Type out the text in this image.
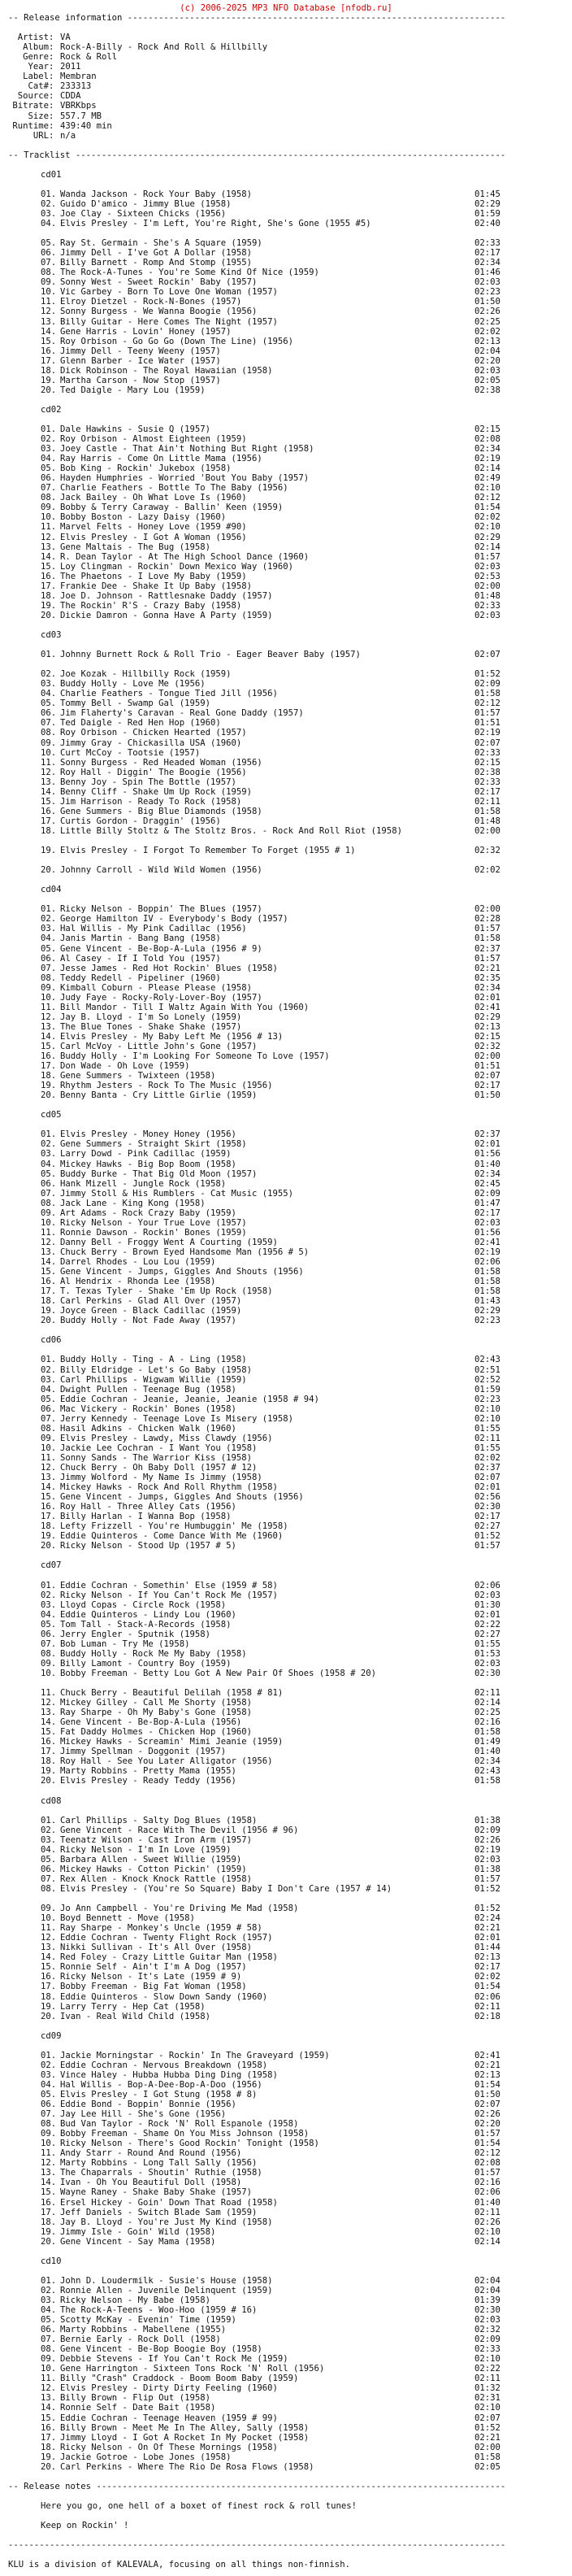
(c) 2006-2025 MP3 NFO Database [nfodb.ru]
-- Release information -------------------------------------------------------------------------
Artist : VA
Album : Rock-A-Billy - Rock And Roll & Hillbilly
Genre : Rock & Roll
Year : 2011
Label : Membran
Cat# : 233313
Source : CDDA
Bitrate : VBRKbps
Size : 557.7 MB
Runtime : 439:40 min
URL : n/a
-- Tracklist -----------------------------------------------------------------------------------
cd01
01. Wanda Jackson - Rock Your Baby (1958)	01:45
02. Guido D'amico - Jimmy Blue (1958)	02:29
03. Joe Clay - Sixteen Chicks (1956)	01:59
04. Elvis Presley - I'm Left, You're Right, She's Gone (1955 #5)	02:40
05. Ray St. Germain - She's A Square (1959)	02:33
06. Jimmy Dell - I've Got A Dollar (1958)	02:17
07. Billy Barnett - Romp And Stomp (1955)	02:34
08. The Rock-A-Tunes - You're Some Kind Of Nice (1959)	01:46
09. Sonny West - Sweet Rockin' Baby (1957)	02:03
10. Vic Garbey - Born To Love One Woman (1957)	02:23
11. Elroy Dietzel - Rock-N-Bones (1957)	01:50
12. Sonny Burgess - We Wanna Boogie (1956)	02:26
13. Billy Guitar - Here Comes The Night (1957)	02:25
14. Gene Harris - Lovin' Honey (1957)	02:02
15. Roy Orbison - Go Go Go (Down The Line) (1956)	02:13
16. Jimmy Dell - Teeny Weeny (1957)	02:04
17. Glenn Barber - Ice Water (1957)	02:20
18. Dick Robinson - The Royal Hawaiian (1958)	02:03
19. Martha Carson - Now Stop (1957)	02:05
20. Ted Daigle - Mary Lou (1959)	02:38
cd02
01. Dale Hawkins - Susie Q (1957)	02:15
02. Roy Orbison - Almost Eighteen (1959)	02:08
03. Joey Castle - That Ain't Nothing But Right (1958)	02:34
04. Ray Harris - Come On Little Mama (1956)	02:19
05. Bob King - Rockin' Jukebox (1958)	02:14
06. Hayden Humphries - Worried 'Bout You Baby (1957)	02:49
07. Charlie Feathers - Bottle To The Baby (1956)	02:10
08. Jack Bailey - Oh What Love Is (1960)	02:12
09. Bobby & Terry Caraway - Ballin' Keen (1959)	01:54
10. Bobby Boston - Lazy Daisy (1960)	02:02
11. Marvel Felts - Honey Love (1959 #90)	02:10
12. Elvis Presley - I Got A Woman (1956)	02:29
13. Gene Maltais - The Bug (1958)	02:14
14. R. Dean Taylor - At The High School Dance (1960)	01:57
15. Loy Clingman - Rockin' Down Mexico Way (1960)	02:03
16. The Phaetons - I Love My Baby (1959)	02:53
17. Frankie Dee - Shake It Up Baby (1958)	02:00
18. Joe D. Johnson - Rattlesnake Daddy (1957)	01:48
19. The Rockin' R'S - Crazy Baby (1958)	02:33
20. Dickie Damron - Gonna Have A Party (1959)	02:03
cd03
01. Johnny Burnett Rock & Roll Trio - Eager Beaver Baby (1957)	02:07
02. Joe Kozak - Hillbilly Rock (1959)	01:52
03. Buddy Holly - Love Me (1956)	02:09
04. Charlie Feathers - Tongue Tied Jill (1956)	01:58
05. Tommy Bell - Swamp Gal (1959)	02:12
06. Jim Flaherty's Caravan - Real Gone Daddy (1957)	01:57
07. Ted Daigle - Red Hen Hop (1960)	01:51
08. Roy Orbison - Chicken Hearted (1957)	02:19
09. Jimmy Gray - Chickasilla USA (1960)	02:07
10. Curt McCoy - Tootsie (1957)	02:33
11. Sonny Burgess - Red Headed Woman (1956)	02:15
12. Roy Hall - Diggin' The Boogie (1956)	02:38
13. Benny Joy - Spin The Bottle (1957)	02:33
14. Benny Cliff - Shake Um Up Rock (1959)	02:17
15. Jim Harrison - Ready To Rock (1958)	02:11
16. Gene Summers - Big Blue Diamonds (1958)	01:58
17. Curtis Gordon - Draggin' (1956)	01:48
18. Little Billy Stoltz & The Stoltz Bros. - Rock And Roll Riot (1958)	02:00
19. Elvis Presley - I Forgot To Remember To Forget (1955 # 1)	02:32
20. Johnny Carroll - Wild Wild Women (1956)	02:02
cd04
01. Ricky Nelson - Boppin' The Blues (1957)	02:00
02. George Hamilton IV - Everybody's Body (1957)	02:28
03. Hal Willis - My Pink Cadillac (1956)	01:57
04. Janis Martin - Bang Bang (1958)	01:58
05. Gene Vincent - Be-Bop-A-Lula (1956 # 9)	02:37
06. Al Casey - If I Told You (1957)	01:57
07. Jesse James - Red Hot Rockin' Blues (1958)	02:21
08. Teddy Redell - Pipeliner (1960)	02:35
09. Kimball Coburn - Please Please (1958)	02:34
10. Judy Faye - Rocky-Roly-Lover-Boy (1957)	02:01
11. Bill Mandor - Till I Waltz Again With You (1960)	02:41
12. Jay B. Lloyd - I'm So Lonely (1959)	02:29
13. The Blue Tones - Shake Shake (1957)	02:13
14. Elvis Presley - My Baby Left Me (1956 # 13)	02:15
15. Carl McVoy - Little John's Gone (1957)	02:32
16. Buddy Holly - I'm Looking For Someone To Love (1957)	02:00
17. Don Wade - Oh Love (1959)	01:51
18. Gene Summers - Twixteen (1958)	02:07
19. Rhythm Jesters - Rock To The Music (1956)	02:17
20. Benny Banta - Cry Little Girlie (1959)	01:50
cd05
01. Elvis Presley - Money Honey (1956)	02:37
02. Gene Summers - Straight Skirt (1958)	02:01
03. Larry Dowd - Pink Cadillac (1959)	01:56
04. Mickey Hawks - Big Bop Boom (1958)	01:40
05. Buddy Burke - That Big Old Moon (1957)	02:34
06. Hank Mizell - Jungle Rock (1958)	02:45
07. Jimmy Stoll & His Rumblers - Cat Music (1955)	02:09
08. Jack Lane - King Kong (1958)	01:47
09. Art Adams - Rock Crazy Baby (1959)	02:17
10. Ricky Nelson - Your True Love (1957)	02:03
11. Ronnie Dawson - Rockin' Bones (1959)	01:56
12. Danny Bell - Froggy Went A Courting (1959)	02:41
13. Chuck Berry - Brown Eyed Handsome Man (1956 # 5)	02:19
14. Darrel Rhodes - Lou Lou (1959)	02:06
15. Gene Vincent - Jumps, Giggles And Shouts (1956)	01:58
16. Al Hendrix - Rhonda Lee (1958)	01:58
17. T. Texas Tyler - Shake 'Em Up Rock (1958)	01:58
18. Carl Perkins - Glad All Over (1957)	01:43
19. Joyce Green - Black Cadillac (1959)	02:29
20. Buddy Holly - Not Fade Away (1957)	02:23
cd06
01. Buddy Holly - Ting - A - Ling (1958)	02:43
02. Billy Eldridge - Let's Go Baby (1958)	02:51
03. Carl Phillips - Wigwam Willie (1959)	02:52
04. Dwight Pullen - Teenage Bug (1958)	01:59
05. Eddie Cochran - Jeanie, Jeanie, Jeanie (1958 # 94)	02:23
06. Mac Vickery - Rockin' Bones (1958)	02:10
07. Jerry Kennedy - Teenage Love Is Misery (1958)	02:10
08. Hasil Adkins - Chicken Walk (1960)	01:55
09. Elvis Presley - Lawdy, Miss Clawdy (1956)	02:11
10. Jackie Lee Cochran - I Want You (1958)	01:55
11. Sonny Sands - The Warrior Kiss (1958)	02:02
12. Chuck Berry - Oh Baby Doll (1957 # 12)	02:37
13. Jimmy Wolford - My Name Is Jimmy (1958)	02:07
14. Mickey Hawks - Rock And Roll Rhythm (1958)	02:01
15. Gene Vincent - Jumps, Giggles And Shouts (1956)	02:56
16. Roy Hall - Three Alley Cats (1956)	02:30
17. Billy Harlan - I Wanna Bop (1958)	02:17
18. Lefty Frizzell - You're Humbuggin' Me (1958)	02:27
19. Eddie Quinteros - Come Dance With Me (1960)	01:52
20. Ricky Nelson - Stood Up (1957 # 5)	01:57
cd07
01. Eddie Cochran - Somethin' Else (1959 # 58)	02:06
02. Ricky Nelson - If You Can't Rock Me (1957)	02:03
03. Lloyd Copas - Circle Rock (1958)	01:30
04. Eddie Quinteros - Lindy Lou (1960)	02:01
05. Tom Tall - Stack-A-Records (1958)	02:22
06. Jerry Engler - Sputnik (1958)	02:27
07. Bob Luman - Try Me (1958)	01:55
08. Buddy Holly - Rock Me My Baby (1958)	01:53
09. Billy Lamont - Country Boy (1959)	02:03
10. Bobby Freeman - Betty Lou Got A New Pair Of Shoes (1958 # 20)	02:30
11. Chuck Berry - Beautiful Delilah (1958 # 81)	02:11
12. Mickey Gilley - Call Me Shorty (1958)	02:14
13. Ray Sharpe - Oh My Baby's Gone (1958)	02:25
14. Gene Vincent - Be-Bop-A-Lula (1956)	02:16
15. Fat Daddy Holmes - Chicken Hop (1960)	01:58
16. Mickey Hawks - Screamin' Mimi Jeanie (1959)	01:49
17. Jimmy Spellman - Doggonit (1957)	01:40
18. Roy Hall - See You Later Alligator (1956)	02:34
19. Marty Robbins - Pretty Mama (1955)	02:43
20. Elvis Presley - Ready Teddy (1956)	01:58
cd08
01. Carl Phillips - Salty Dog Blues (1958)	01:38
02. Gene Vincent - Race With The Devil (1956 # 96)	02:09
03. Teenatz Wilson - Cast Iron Arm (1957)	02:26
04. Ricky Nelson - I'm In Love (1959)	02:19
05. Barbara Allen - Sweet Willie (1959)	02:03
06. Mickey Hawks - Cotton Pickin' (1959)	01:38
07. Rex Allen - Knock Knock Rattle (1958)	01:57
08. Elvis Presley - (You're So Square) Baby I Don't Care (1957 # 14)	01:52
09. Jo Ann Campbell - You're Driving Me Mad (1958)	01:52
10. Boyd Bennett - Move (1958)	02:24
11. Ray Sharpe - Monkey's Uncle (1959 # 58)	02:21
12. Eddie Cochran - Twenty Flight Rock (1957)	02:01
13. Nikki Sullivan - It's All Over (1958)	01:44
14. Red Foley - Crazy Little Guitar Man (1958)	02:13
15. Ronnie Self - Ain't I'm A Dog (1957)	02:17
16. Ricky Nelson - It's Late (1959 # 9)	02:02
17. Bobby Freeman - Big Fat Woman (1958)	01:54
18. Eddie Quinteros - Slow Down Sandy (1960)	02:06
19. Larry Terry - Hep Cat (1958)	02:11
20. Ivan - Real Wild Child (1958)	02:18
cd09
01. Jackie Morningstar - Rockin' In The Graveyard (1959)	02:41
02. Eddie Cochran - Nervous Breakdown (1958)	02:21
03. Vince Haley - Hubba Hubba Ding Ding (1958)	02:13
04. Hal Willis - Bop-A-Dee-Bop-A-Doo (1956)	01:54
05. Elvis Presley - I Got Stung (1958 # 8)	01:50
06. Eddie Bond - Boppin' Bonnie (1956)	02:07
07. Jay Lee Hill - She's Gone (1956)	02:26
08. Bud Van Taylor - Rock 'N' Roll Espanole (1958)	02:20
09. Bobby Freeman - Shame On You Miss Johnson (1958)	01:57
10. Ricky Nelson - There's Good Rockin' Tonight (1958)	01:54
11. Andy Starr - Round And Round (1956)	02:12
12. Marty Robbins - Long Tall Sally (1956)	02:08
13. The Chaparrals - Shoutin' Ruthie (1958)	01:57
14. Ivan - Oh You Beautiful Doll (1958)	02:16
15. Wayne Raney - Shake Baby Shake (1957)	02:06
16. Ersel Hickey - Goin' Down That Road (1958)	01:40
17. Jeff Daniels - Switch Blade Sam (1959)	02:11
18. Jay B. Lloyd - You're Just My Kind (1958)	02:26
19. Jimmy Isle - Goin' Wild (1958)	02:10
20. Gene Vincent - Say Mama (1958)	02:14
cd10
01. John D. Loudermilk - Susie's House (1958)	02:04
02. Ronnie Allen - Juvenile Delinquent (1959)	02:04
03. Ricky Nelson - My Babe (1958)	01:39
04. The Rock-A-Teens - Woo-Hoo (1959 # 16)	02:30
05. Scotty McKay - Evenin' Time (1959)	02:03
06. Marty Robbins - Mabellene (1955)	02:32
07. Bernie Early - Rock Doll (1958)	02:09
08. Gene Vincent - Be-Bop Boogie Boy (1958)	02:33
09. Debbie Stevens - If You Can't Rock Me (1959)	02:10
10. Gene Harrington - Sixteen Tons Rock 'N' Roll (1956)	02:22
11. Billy "Crash" Craddock - Boom Boom Baby (1959)	02:11
12. Elvis Presley - Dirty Dirty Feeling (1960)	01:32
13. Billy Brown - Flip Out (1958)	02:31
14. Ronnie Self - Date Bait (1958)	02:10
15. Eddie Cochran - Teenage Heaven (1959 # 99)	02:07
16. Billy Brown - Meet Me In The Alley, Sally (1958)	01:52
17. Jimmy Lloyd - I Got A Rocket In My Pocket (1958)	02:21
18. Ricky Nelson - On Of These Mornings (1958)	02:00
19. Jackie Gotroe - Lobe Jones (1958)	01:58
20. Carl Perkins - Where The Rio De Rosa Flows (1958)	02:05
-- Release notes -------------------------------------------------------------------------------
Here you go, one hell of a boxet of finest rock & roll tunes!
Keep on Rockin' !
------------------------------------------------------------------------------------------------
KLU is a division of KALEVALA, focusing on all things non-finnish.
